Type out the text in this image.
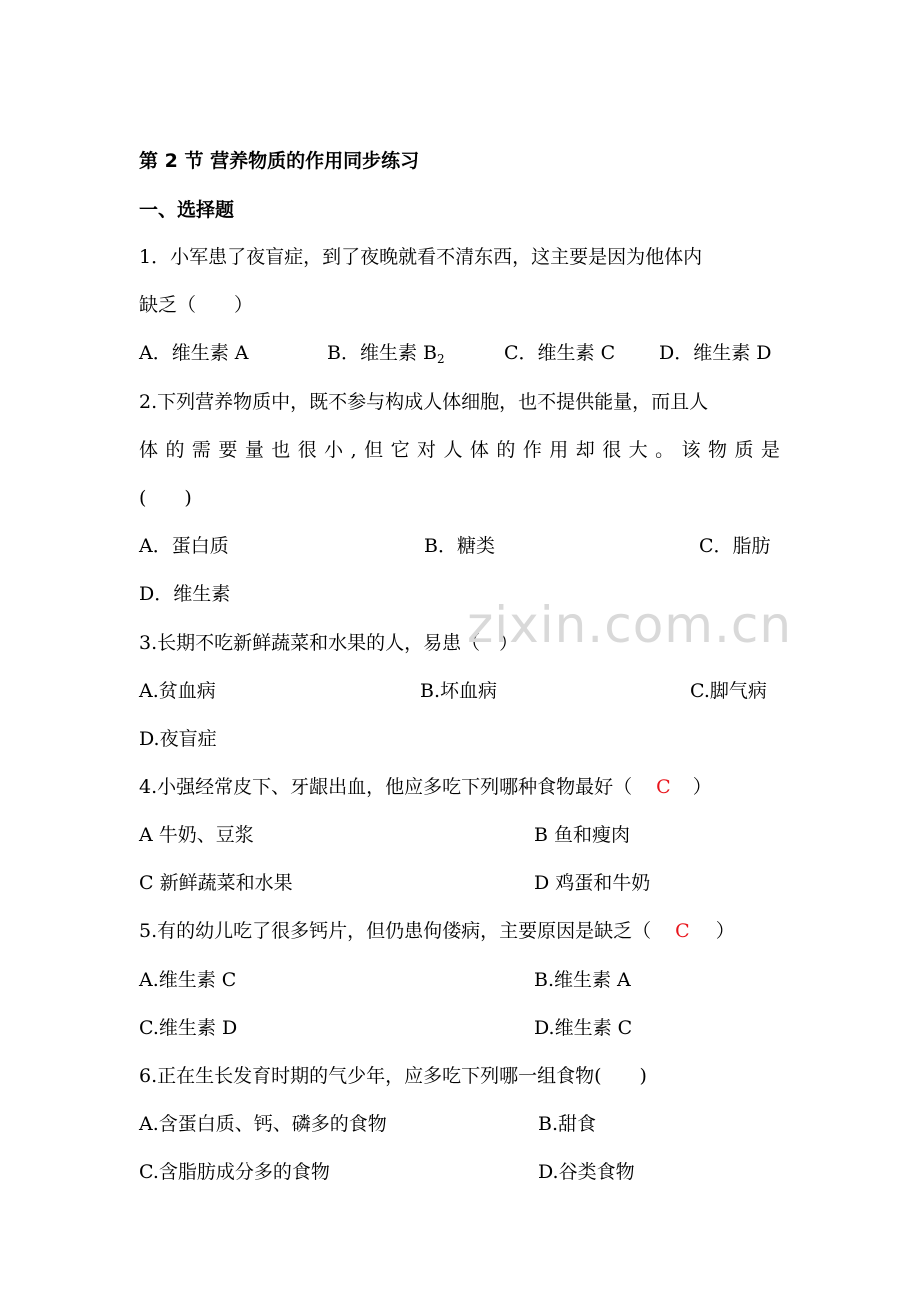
第 2 节 营养物质的作用同步练习
一、选择题
1．小军患了夜盲症，到了夜晚就看不清东西，这主要是因为他体内
缺乏（　　）
A．维生素 A	B．维生素 $B_2$	C．维生素 C D．维生素 D
2.下列营养物质中，既不参与构成人体细胞，也不提供能量，而且人
体 的 需 要 量 也 很 小 , 但 它 对 人 体 的 作 用 却 很 大 。 该 物 质 是
(　　)
A．蛋白质	B．糖类	C．脂肪
D．维生素
3.长期不吃新鲜蔬菜和水果的人，易患（　）
A.贫血病	B.坏血病	C.脚气病
D.夜盲症
4.小强经常皮下、牙龈出血，他应多吃下列哪种食物最好（ C ）
A 牛奶、豆浆	B 鱼和瘦肉
C 新鲜蔬菜和水果	D 鸡蛋和牛奶
5.有的幼儿吃了很多钙片，但仍患佝偻病，主要原因是缺乏（ C ）
A.维生素 C	B.维生素 A
C.维生素 D	D.维生素 C
6.正在生长发育时期的气少年，应多吃下列哪一组食物(　　)
A.含蛋白质、钙、磷多的食物	B.甜食
C.含脂肪成分多的食物	D.谷类食物
zixin.com.cn
